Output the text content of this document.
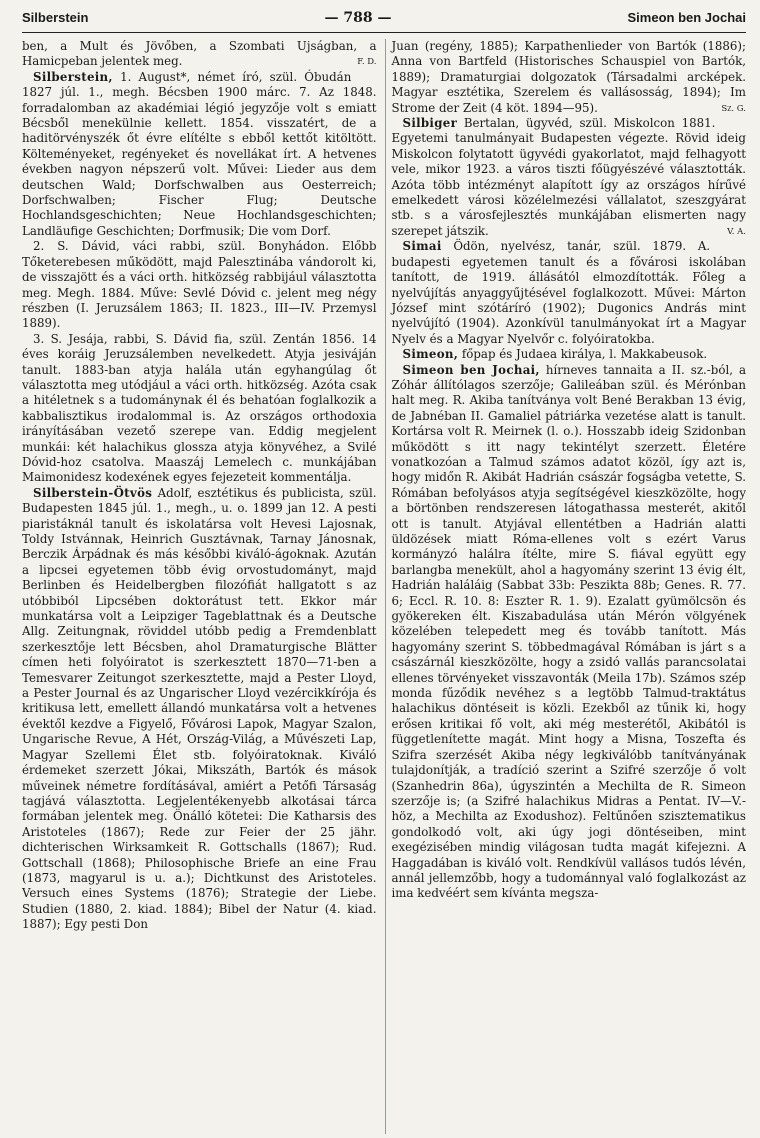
Silberstein	— 788 —	Simeon ben Jochai

ben, a Mult és Jövőben, a Szombati Ujságban, a Hamicpeban jelentek meg.	F. D.

Silberstein, 1. August*, német író, szül. Óbudán 1827 júl. 1., megh. Bécsben 1900 márc. 7. Az 1848. forradalomban az akadémiai légió jegyzője volt s emiatt Bécsből menekülnie kellett. 1854. visszatért, de a haditörvényszék őt évre elítélte s ebből kettőt kitöltött. Költeményeket, regényeket és novellákat írt. A hetvenes években nagyon népszerű volt. Művei: Lieder aus dem deutschen Wald; Dorfschwalben aus Oesterreich; Dorfschwalben; Fischer Flug; Deutsche Hochlandsgeschichten; Neue Hochlandsgeschichten; Landläufige Geschichten; Dorfmusik; Die vom Dorf.

2. S. Dávid, váci rabbi, szül. Bonyhádon. Előbb Tőketerebesen működött, majd Palesztinába vándorolt ki, de visszajött és a váci orth. hitközség rabbijául választotta meg. Megh. 1884. Műve: Sevlé Dóvid c. jelent meg négy részben (I. Jeruzsálem 1863; II. 1823., III—IV. Przemysl 1889).

3. S. Jesája, rabbi, S. Dávid fia, szül. Zentán 1856. 14 éves koráig Jeruzsálemben nevelkedett. Atyja jesiváján tanult. 1883-ban atyja halála után egyhangúlag őt választotta meg utódjául a váci orth. hitközség. Azóta csak a hitéletnek s a tudománynak él és behatóan foglalkozik a kabbalisztikus irodalommal is. Az országos orthodoxia irányításában vezető szerepe van. Eddig megjelent munkái: két halachikus glossza atyja könyvéhez, a Svilé Dóvid-hoz csatolva. Maaszáj Lemelech c. munkájában Maimonidesz kodexének egyes fejezeteit kommentálja.

Silberstein-Ötvös Adolf, esztétikus és publicista, szül. Budapesten 1845 júl. 1., megh., u. o. 1899 jan 12. A pesti piaristáknál tanult és iskolatársa volt Hevesi Lajosnak, Toldy Istvánnak, Heinrich Gusztávnak, Tarnay Jánosnak, Berczik Árpádnak és más későbbi kiváló-ágoknak. Azután a lipcsei egyetemen több évig orvostudományt, majd Berlinben és Heidelbergben filozófiát hallgatott s az utóbbiból Lipcsében doktorátust tett. Ekkor már munkatársa volt a Leipziger Tageblattnak és a Deutsche Allg. Zeitungnak, röviddel utóbb pedig a Fremdenblatt szerkesztője lett Bécsben, ahol Dramaturgische Blätter címen heti folyóiratot is szerkesztett 1870—71-ben a Temesvarer Zeitungot szerkesztette, majd a Pester Lloyd, a Pester Journal és az Ungarischer Lloyd vezércikkírója és kritikusa lett, emellett állandó munkatársa volt a hetvenes évektől kezdve a Figyelő, Fővárosi Lapok, Magyar Szalon, Ungarische Revue, A Hét, Ország-Világ, a Művészeti Lap, Magyar Szellemi Élet stb. folyóiratoknak. Kiváló érdemeket szerzett Jókai, Mikszáth, Bartók és mások műveinek németre fordításával, amiért a Petőfi Társaság tagjává választotta. Legjelentékenyebb alkotásai tárca formában jelentek meg. Önálló kötetei: Die Katharsis des Aristoteles (1867); Rede zur Feier der 25 jähr. dichterischen Wirksamkeit R. Gottschalls (1867); Rud. Gottschall (1868); Philosophische Briefe an eine Frau (1873, magyarul is u. a.); Dichtkunst des Aristoteles. Versuch eines Systems (1876); Strategie der Liebe. Studien (1880, 2. kiad. 1884); Bibel der Natur (4. kiad. 1887); Egy pesti Don

Juan (regény, 1885); Karpathenlieder von Bartók (1886); Anna von Bartfeld (Historisches Schauspiel von Bartók, 1889); Dramaturgiai dolgozatok (Társadalmi arcképek. Magyar esztétika, Szerelem és vallásosság, 1894); Im Strome der Zeit (4 köt. 1894—95).	Sz. G.

Silbiger Bertalan, ügyvéd, szül. Miskolcon 1881. Egyetemi tanulmányait Budapesten végezte. Rövid ideig Miskolcon folytatott ügyvédi gyakorlatot, majd felhagyott vele, mikor 1923. a város tiszti főügyészévé választották. Azóta több intézményt alapított így az országos hírűvé emelkedett városi közélelmezési vállalatot, szeszgyárat stb. s a városfejlesztés munkájában elismerten nagy szerepet játszik.	V. A.

Simai Ödön, nyelvész, tanár, szül. 1879. A. budapesti egyetemen tanult és a fővárosi iskolában tanított, de 1919. állásától elmozdították. Főleg a nyelvújítás anyaggyűjtésével foglalkozott. Művei: Márton József mint szótáríró (1902); Dugonics András mint nyelvújító (1904). Azonkívül tanulmányokat írt a Magyar Nyelv és a Magyar Nyelvőr c. folyóiratokba.

Simeon, főpap és Judaea királya, l. Makkabeusok.

Simeon ben Jochai, hírneves tannaita a II. sz.-ból, a Zóhár állítólagos szerzője; Galileában szül. és Mérónban halt meg. R. Akiba tanítványa volt Bené Berakban 13 évig, de Jabnéban II. Gamaliel pátriárka vezetése alatt is tanult. Kortársa volt R. Meirnek (l. o.). Hosszabb ideig Szidonban működött s itt nagy tekintélyt szerzett. Életére vonatkozóan a Talmud számos adatot közöl, így azt is, hogy midőn R. Akibát Hadrián császár fogságba vetette, S. Rómában befolyásos atyja segítségével kieszközölte, hogy a börtönben rendszeresen látogathassa mesterét, akitől ott is tanult. Atyjával ellentétben a Hadrián alatti üldözések miatt Róma-ellenes volt s ezért Varus kormányzó halálra ítélte, mire S. fiával együtt egy barlangba menekült, ahol a hagyomány szerint 13 évig élt, Hadrián haláláig (Sabbat 33b: Peszikta 88b; Genes. R. 77. 6; Eccl. R. 10. 8: Eszter R. 1. 9). Ezalatt gyümölcsön és gyökereken élt. Kiszabadulása után Mérón völgyének közelében telepedett meg és tovább tanított. Más hagyomány szerint S. többedmagával Rómában is járt s a császárnál kieszközölte, hogy a zsidó vallás parancsolatai ellenes törvényeket visszavonták (Meila 17b). Számos szép monda fűződik nevéhez s a legtöbb Talmud-traktátus halachikus döntéseit is közli. Ezekből az tűnik ki, hogy erősen kritikai fő volt, aki még mesterétől, Akibától is függetlenítette magát. Mint hogy a Misna, Toszefta és Szifra szerzését Akiba négy legkiválóbb tanítványának tulajdonítják, a tradíció szerint a Szifré szerzője ő volt (Szanhedrin 86a), úgyszintén a Mechilta de R. Simeon szerzője is; (a Szifré halachikus Midras a Pentat. IV—V.-höz, a Mechilta az Exodushoz). Feltűnően szisztematikus gondolkodó volt, aki úgy jogi döntéseiben, mint exegézisében mindig világosan tudta magát kifejezni. A Haggadában is kiváló volt. Rendkívül vallásos tudós lévén, annál jellemzőbb, hogy a tudománnyal való foglalkozást az ima kedvéért sem kívánta megsza-
